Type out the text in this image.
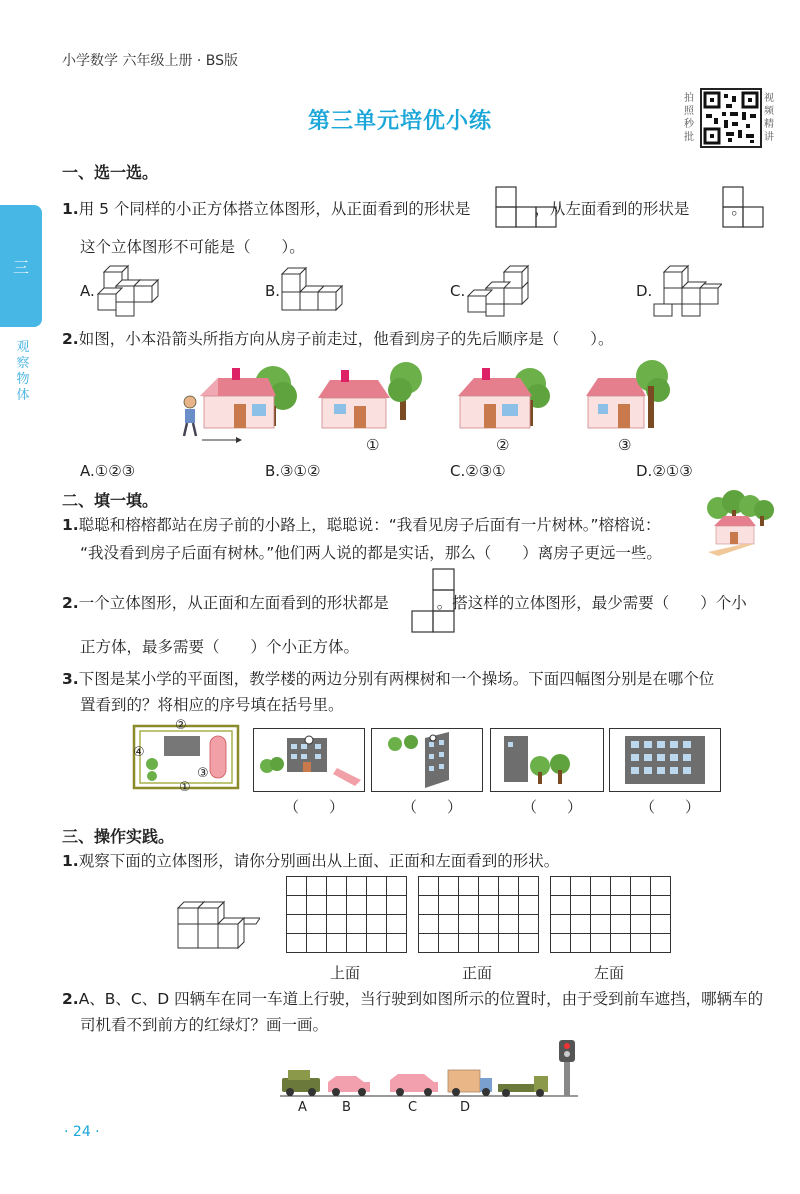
小学数学 六年级上册 · BS版
第三单元培优小练
拍照秒批
视频精讲
三
观察物体
一、选一选。
1.用 5 个同样的小正方体搭立体图形，从正面看到的形状是	，从左面看到的形状是	。
这个立体图形不可能是（　　）。
A.	B.	C.	D.
2.如图，小本沿箭头所指方向从房子前走过，他看到房子的先后顺序是（　　）。
①	②	③
A.①②③	B.③①②	C.②③①	D.②①③
二、填一填。
1.聪聪和榕榕都站在房子前的小路上，聪聪说：“我看见房子后面有一片树林。”榕榕说：
“我没看到房子后面有树林。”他们两人说的都是实话，那么（　　）离房子更远一些。
2.一个立体图形，从正面和左面看到的形状都是	。搭这样的立体图形，最少需要（　　）个小
正方体，最多需要（　　）个小正方体。
3.下图是某小学的平面图，教学楼的两边分别有两棵树和一个操场。下面四幅图分别是在哪个位
置看到的？将相应的序号填在括号里。
②
④
③
①
（　　）	（　　）	（　　）	（　　）
三、操作实践。
1.观察下面的立体图形，请你分别画出从上面、正面和左面看到的形状。

上面	正面	左面
2.A、B、C、D 四辆车在同一车道上行驶，当行驶到如图所示的位置时，由于受到前车遮挡，哪辆车的
司机看不到前方的红绿灯？画一画。
A	B	C	D
· 24 ·
